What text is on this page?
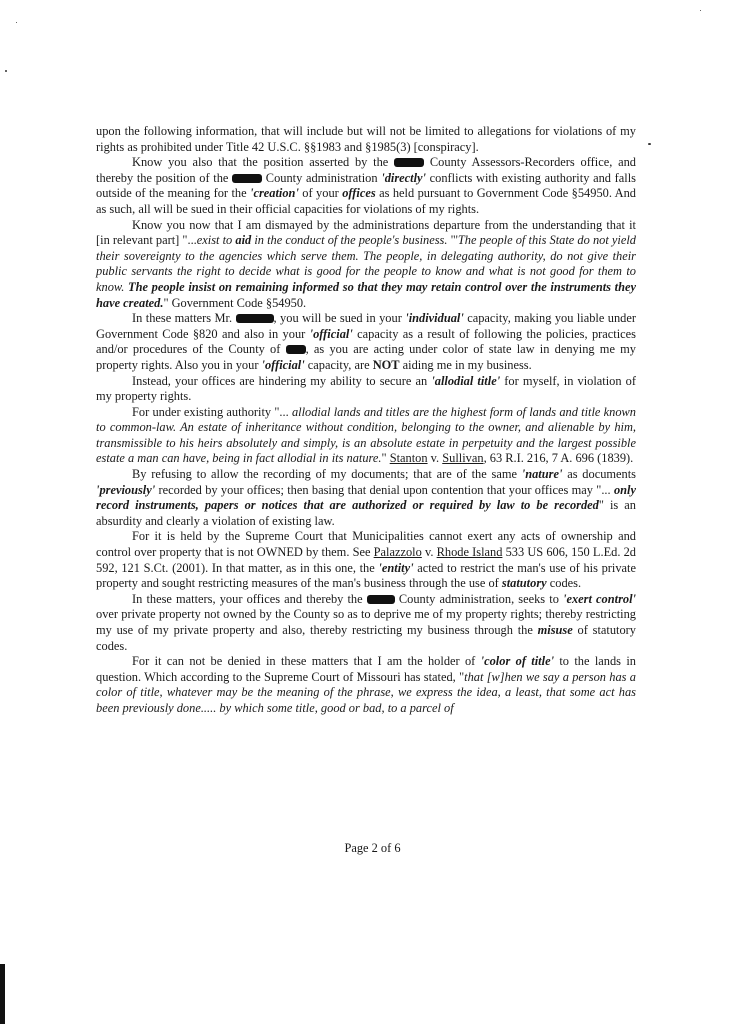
upon the following information, that will include but will not be limited to allegations for violations of my rights as prohibited under Title 42 U.S.C. §§1983 and §1985(3) [conspiracy].

Know you also that the position asserted by the  County Assessors-Recorders office, and thereby the position of the  County administration 'directly' conflicts with existing authority and falls outside of the meaning for the 'creation' of your offices as held pursuant to Government Code §54950. And as such, all will be sued in their official capacities for violations of my rights.

Know you now that I am dismayed by the administrations departure from the understanding that it [in relevant part] "...exist to aid in the conduct of the people's business. "'The people of this State do not yield their sovereignty to the agencies which serve them. The people, in delegating authority, do not give their public servants the right to decide what is good for the people to know and what is not good for them to know. The people insist on remaining informed so that they may retain control over the instruments they have created." Government Code §54950.

In these matters Mr.	, you will be sued in your 'individual' capacity, making you liable under Government Code §820 and also in your 'official' capacity as a result of following the policies, practices and/or procedures of the County of , as you are acting under color of state law in denying me my property rights. Also you in your 'official' capacity, are NOT aiding me in my business.

Instead, your offices are hindering my ability to secure an 'allodial title' for myself, in violation of my property rights.

For under existing authority "... allodial lands and titles are the highest form of lands and title known to common-law. An estate of inheritance without condition, belonging to the owner, and alienable by him, transmissible to his heirs absolutely and simply, is an absolute estate in perpetuity and the largest possible estate a man can have, being in fact allodial in its nature." Stanton v. Sullivan, 63 R.I. 216, 7 A. 696 (1839).

By refusing to allow the recording of my documents; that are of the same 'nature' as documents 'previously' recorded by your offices; then basing that denial upon contention that your offices may "... only record instruments, papers or notices that are authorized or required by law to be recorded" is an absurdity and clearly a violation of existing law.

For it is held by the Supreme Court that Municipalities cannot exert any acts of ownership and control over property that is not OWNED by them. See Palazzolo v. Rhode Island 533 US 606, 150 L.Ed. 2d 592, 121 S.Ct. (2001). In that matter, as in this one, the 'entity' acted to restrict the man's use of his private property and sought restricting measures of the man's business through the use of statutory codes.

In these matters, your offices and thereby the  County administration, seeks to 'exert control' over private property not owned by the County so as to deprive me of my property rights; thereby restricting my use of my private property and also, thereby restricting my business through the misuse of statutory codes.

For it can not be denied in these matters that I am the holder of 'color of title' to the lands in question. Which according to the Supreme Court of Missouri has stated, "that [w]hen we say a person has a color of title, whatever may be the meaning of the phrase, we express the idea, a least, that some act has been previously done..... by which some title, good or bad, to a parcel of

Page 2 of 6
